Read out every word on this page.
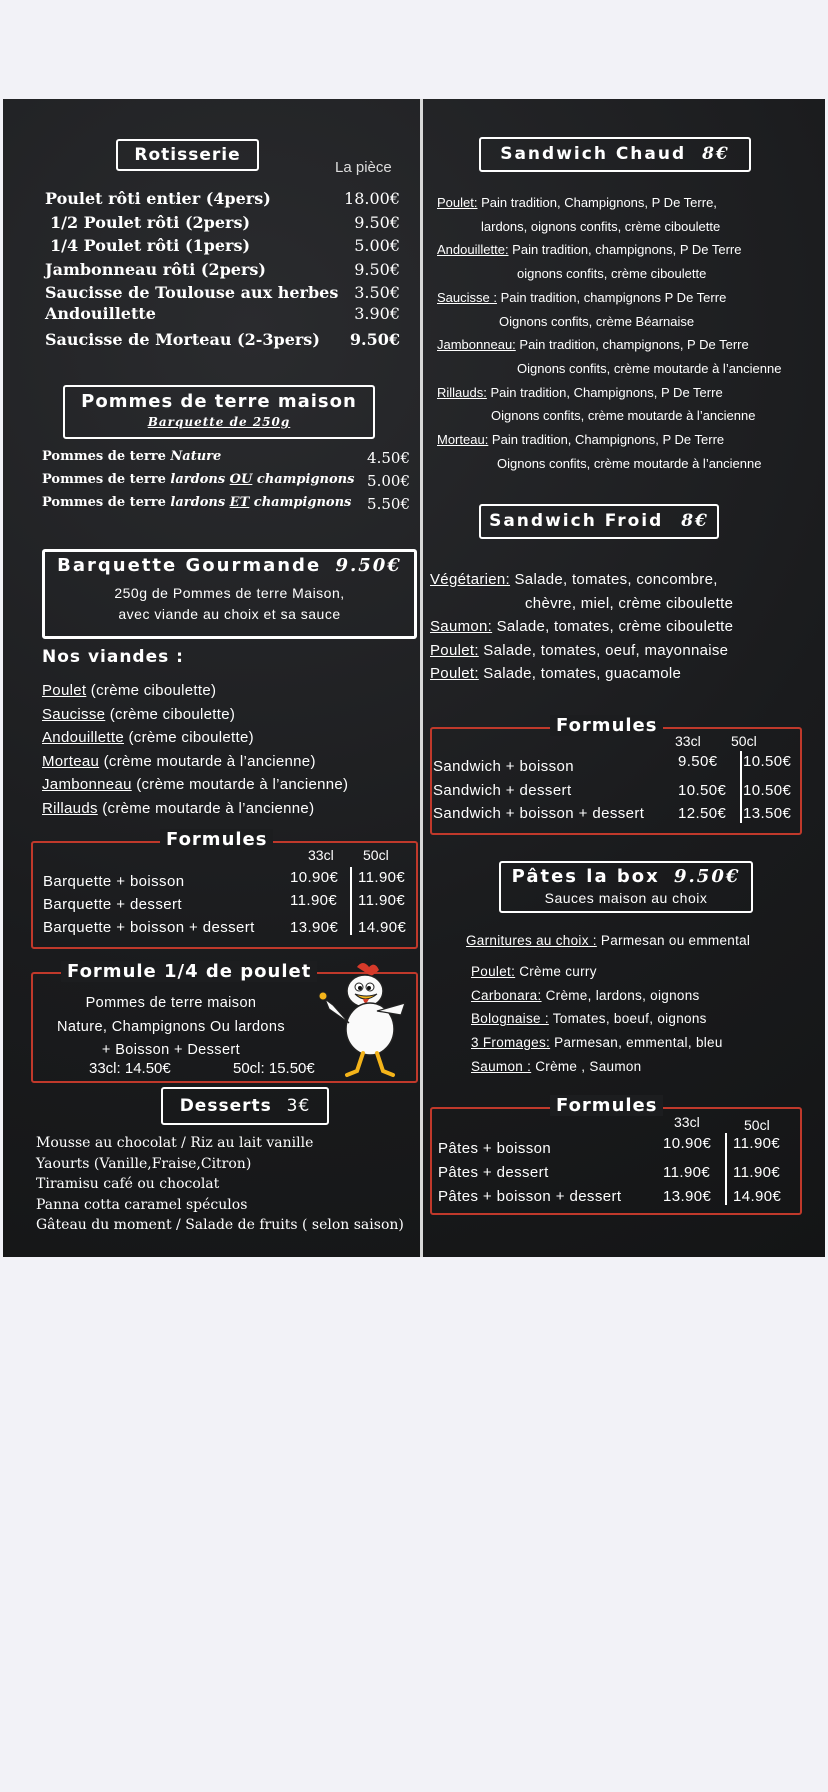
Rotisserie
La pièce
Poulet rôti entier (4pers)	18.00€
1/2 Poulet rôti (2pers)	9.50€
1/4 Poulet rôti (1pers)	5.00€
Jambonneau rôti (2pers)	9.50€
Saucisse de Toulouse aux herbes 3.50€
Andouillette	3.90€
Saucisse de Morteau (2-3pers) 9.50€
Pommes de terre maison
Barquette de 250g
Pommes de terre Nature	4.50€
Pommes de terre lardons OU champignons 5.00€
Pommes de terre lardons ET champignons 5.50€
Barquette Gourmande 9.50€
250g de Pommes de terre Maison,
avec viande au choix et sa sauce
Nos viandes :
Poulet (crème ciboulette)
Saucisse (crème ciboulette)
Andouillette (crème ciboulette)
Morteau (crème moutarde à l’ancienne)
Jambonneau (crème moutarde à l’ancienne)
Rillauds (crème moutarde à l’ancienne)
Formules
33cl 50cl
Barquette + boisson	10.90€ 11.90€
Barquette + dessert	11.90€ 11.90€
Barquette + boisson + dessert 13.90€ 14.90€
Formule 1/4 de poulet
Pommes de terre maison
Nature, Champignons Ou lardons
+ Boisson + Dessert
33cl: 14.50€	50cl: 15.50€
Desserts 3€
Mousse au chocolat / Riz au lait vanille
Yaourts (Vanille,Fraise,Citron)
Tiramisu café ou chocolat
Panna cotta caramel spéculos
Gâteau du moment / Salade de fruits ( selon saison)
Sandwich Chaud 8€
Poulet: Pain tradition, Champignons, P De Terre,
lardons, oignons confits, crème ciboulette
Andouillette: Pain tradition, champignons, P De Terre
oignons confits, crème ciboulette
Saucisse : Pain tradition, champignons P De Terre
Oignons confits, crème Béarnaise
Jambonneau: Pain tradition, champignons, P De Terre
Oignons confits, crème moutarde à l’ancienne
Rillauds: Pain tradition, Champignons, P De Terre
Oignons confits, crème moutarde à l’ancienne
Morteau: Pain tradition, Champignons, P De Terre
Oignons confits, crème moutarde à l’ancienne
Sandwich Froid 8€
Végétarien: Salade, tomates, concombre,
chèvre, miel, crème ciboulette
Saumon: Salade, tomates, crème ciboulette
Poulet: Salade, tomates, oeuf, mayonnaise
Poulet: Salade, tomates, guacamole
Formules
33cl 50cl
Sandwich + boisson	9.50€ 10.50€
Sandwich + dessert	10.50€ 10.50€
Sandwich + boisson + dessert 12.50€ 13.50€
Pâtes la box 9.50€
Sauces maison au choix
Garnitures au choix : Parmesan ou emmental
Poulet: Crème curry
Carbonara: Crème, lardons, oignons
Bolognaise : Tomates, boeuf, oignons
3 Fromages: Parmesan, emmental, bleu
Saumon : Crème , Saumon
Formules
33cl	50cl
Pâtes + boisson	10.90€ 11.90€
Pâtes + dessert	11.90€ 11.90€
Pâtes + boisson + dessert	13.90€ 14.90€
